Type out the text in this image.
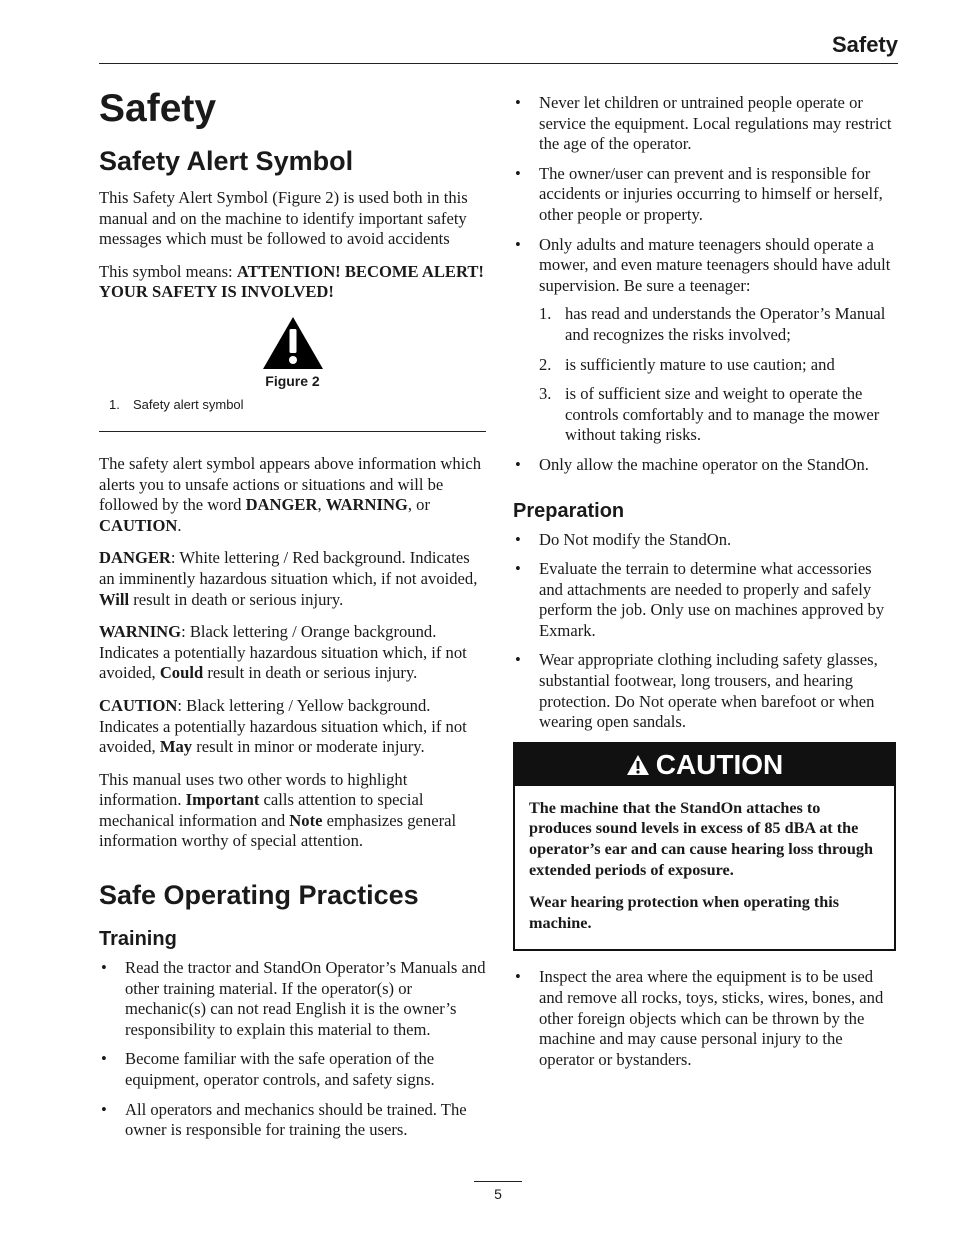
Safety
Safety
Safety Alert Symbol

This Safety Alert Symbol (Figure 2) is used both in this manual and on the machine to identify important safety messages which must be followed to avoid accidents

This symbol means: ATTENTION! BECOME ALERT! YOUR SAFETY IS INVOLVED!

Figure 2
1. Safety alert symbol

The safety alert symbol appears above information which alerts you to unsafe actions or situations and will be followed by the word DANGER, WARNING, or CAUTION.

DANGER: White lettering / Red background. Indicates an imminently hazardous situation which, if not avoided, Will result in death or serious injury.

WARNING: Black lettering / Orange background. Indicates a potentially hazardous situation which, if not avoided, Could result in death or serious injury.

CAUTION: Black lettering / Yellow background. Indicates a potentially hazardous situation which, if not avoided, May result in minor or moderate injury.

This manual uses two other words to highlight information. Important calls attention to special mechanical information and Note emphasizes general information worthy of special attention.

Safe Operating Practices
Training
• Read the tractor and StandOn Operator’s Manuals and other training material. If the operator(s) or mechanic(s) can not read English it is the owner’s responsibility to explain this material to them.
• Become familiar with the safe operation of the equipment, operator controls, and safety signs.
• All operators and mechanics should be trained. The owner is responsible for training the users.
• Never let children or untrained people operate or service the equipment. Local regulations may restrict the age of the operator.
• The owner/user can prevent and is responsible for accidents or injuries occurring to himself or herself, other people or property.
• Only adults and mature teenagers should operate a mower, and even mature teenagers should have adult supervision. Be sure a teenager:
1. has read and understands the Operator’s Manual and recognizes the risks involved;
2. is sufficiently mature to use caution; and
3. is of sufficient size and weight to operate the controls comfortably and to manage the mower without taking risks.
• Only allow the machine operator on the StandOn.
Preparation
• Do Not modify the StandOn.
• Evaluate the terrain to determine what accessories and attachments are needed to properly and safely perform the job. Only use on machines approved by Exmark.
• Wear appropriate clothing including safety glasses, substantial footwear, long trousers, and hearing protection. Do Not operate when barefoot or when wearing open sandals.
CAUTION

The machine that the StandOn attaches to produces sound levels in excess of 85 dBA at the operator’s ear and can cause hearing loss through extended periods of exposure.

Wear hearing protection when operating this machine.

• Inspect the area where the equipment is to be used and remove all rocks, toys, sticks, wires, bones, and other foreign objects which can be thrown by the machine and may cause personal injury to the operator or bystanders.
5
